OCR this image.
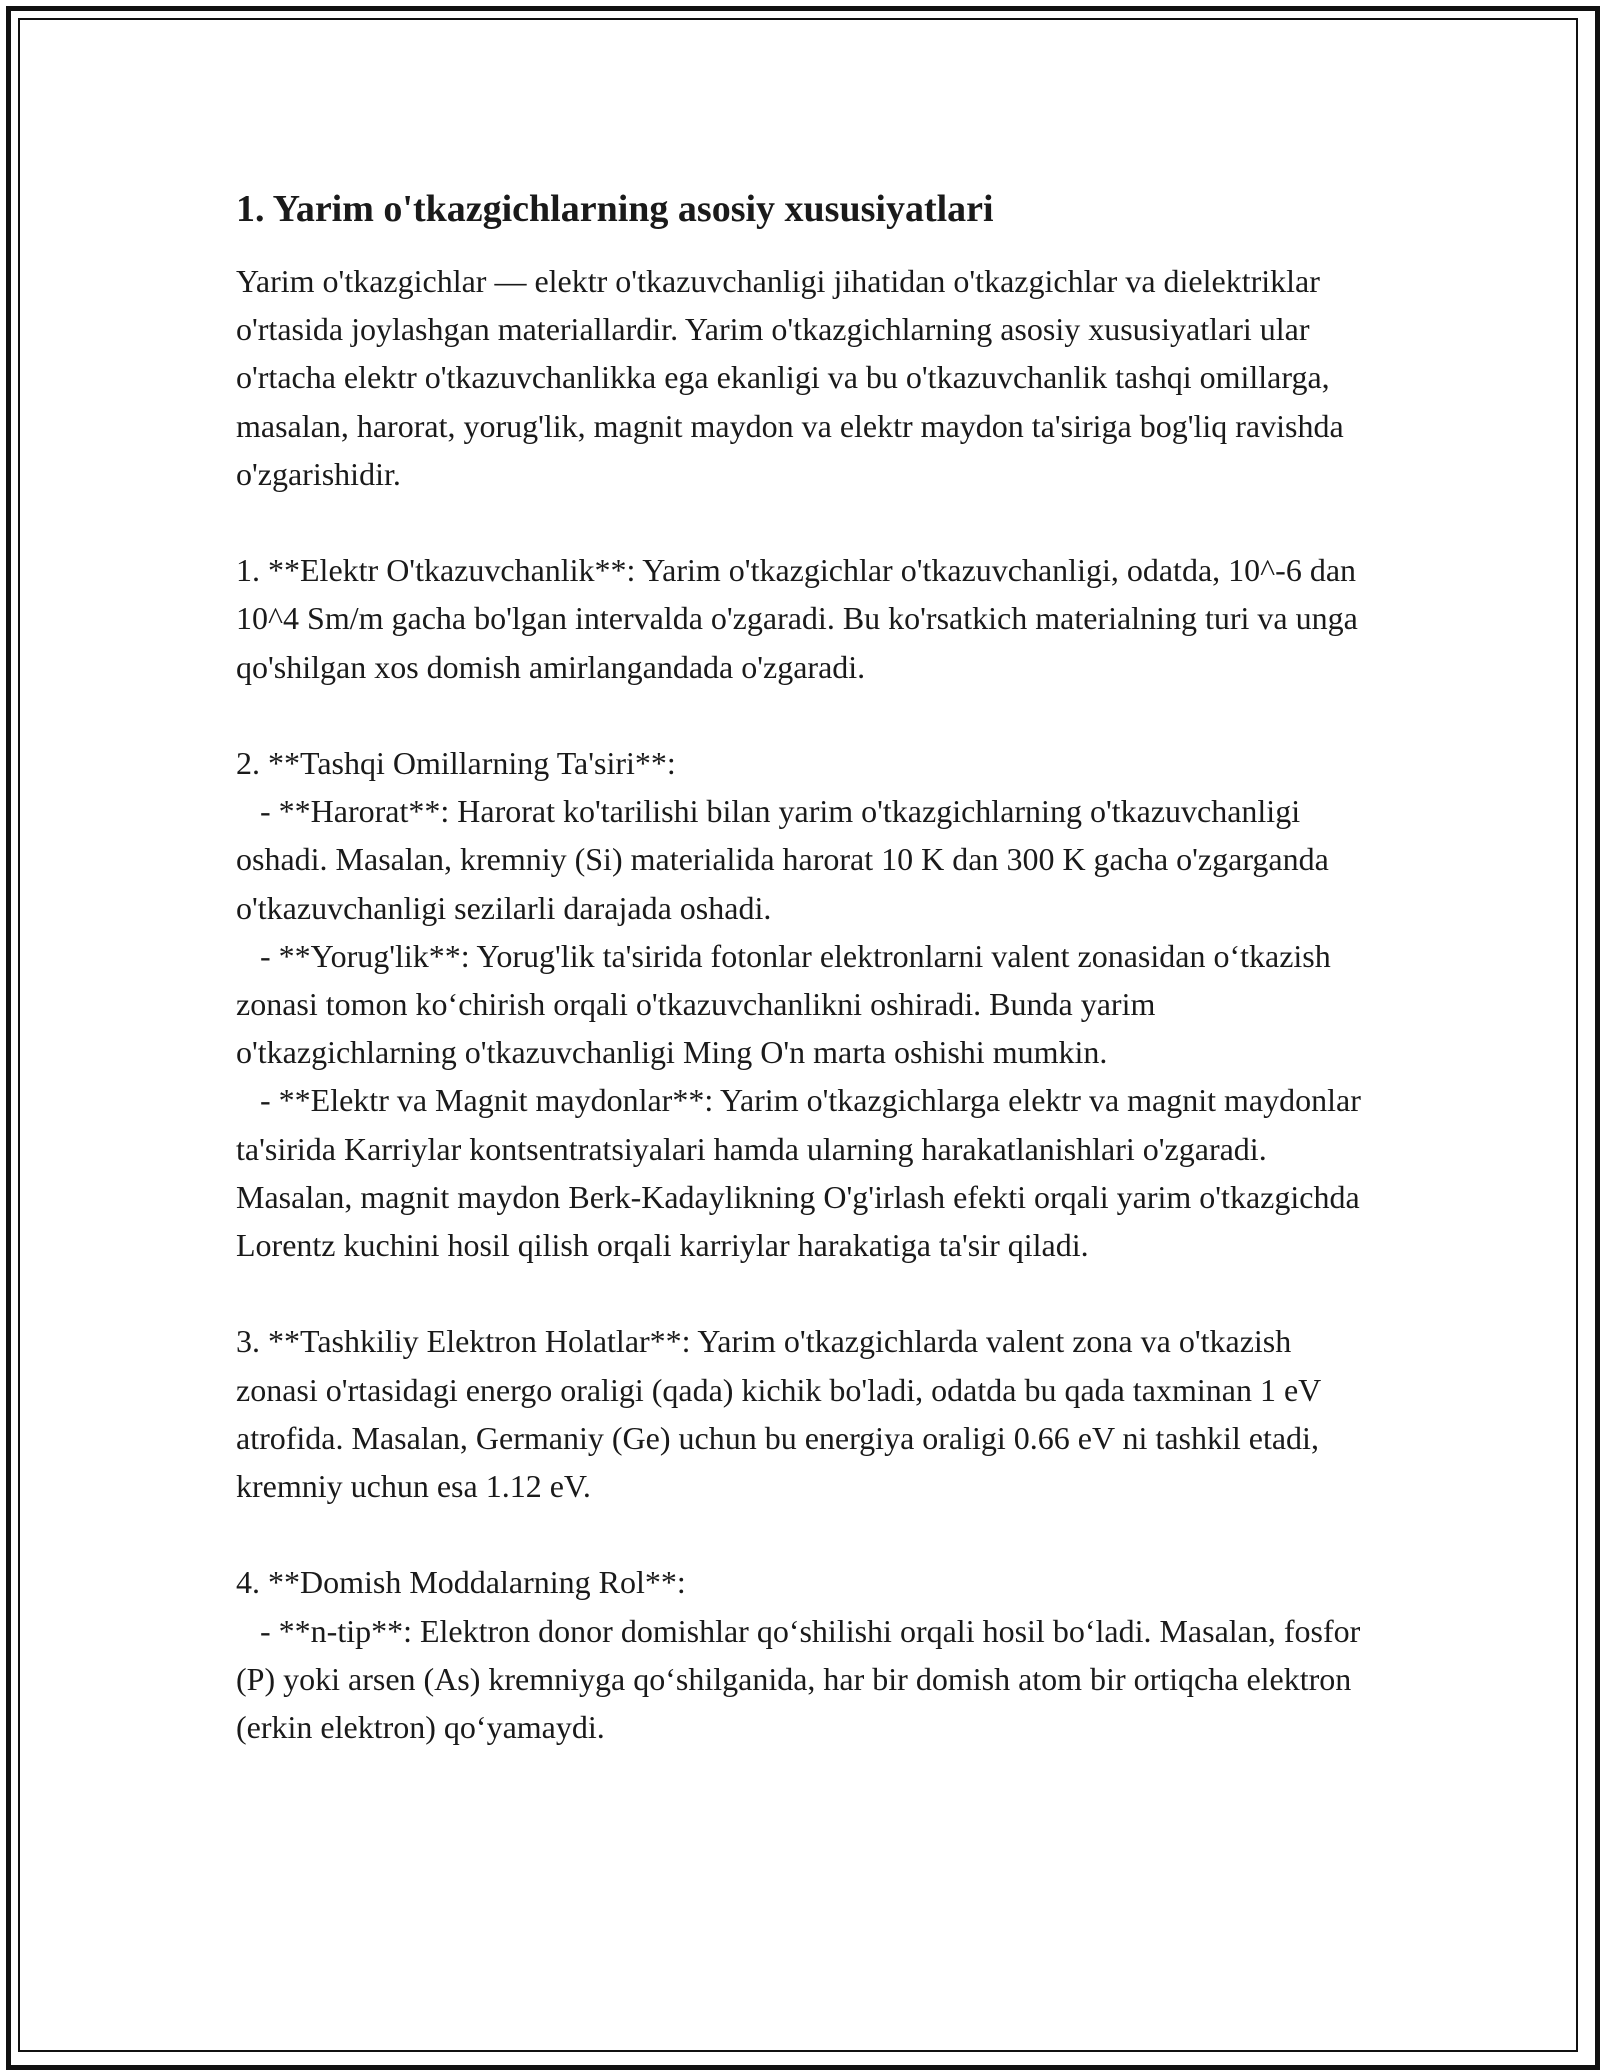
1. Yarim o'tkazgichlarning asosiy xususiyatlari

Yarim o'tkazgichlar — elektr o'tkazuvchanligi jihatidan o'tkazgichlar va dielektriklar o'rtasida joylashgan materiallardir. Yarim o'tkazgichlarning asosiy xususiyatlari ular o'rtacha elektr o'tkazuvchanlikka ega ekanligi va bu o'tkazuvchanlik tashqi omillarga, masalan, harorat, yorug'lik, magnit maydon va elektr maydon ta'siriga bog'liq ravishda o'zgarishidir.

1. **Elektr O'tkazuvchanlik**: Yarim o'tkazgichlar o'tkazuvchanligi, odatda, 10^-6 dan 10^4 Sm/m gacha bo'lgan intervalda o'zgaradi. Bu ko'rsatkich materialning turi va unga qo'shilgan xos domish amirlangandada o'zgaradi.

2. **Tashqi Omillarning Ta'siri**:

- **Harorat**: Harorat ko'tarilishi bilan yarim o'tkazgichlarning o'tkazuvchanligi oshadi. Masalan, kremniy (Si) materialida harorat 10 K dan 300 K gacha o'zgarganda o'tkazuvchanligi sezilarli darajada oshadi.

- **Yorug'lik**: Yorug'lik ta'sirida fotonlar elektronlarni valent zonasidan o‘tkazish zonasi tomon ko‘chirish orqali o'tkazuvchanlikni oshiradi. Bunda yarim o'tkazgichlarning o'tkazuvchanligi Ming O'n marta oshishi mumkin.

- **Elektr va Magnit maydonlar**: Yarim o'tkazgichlarga elektr va magnit maydonlar ta'sirida Karriylar kontsentratsiyalari hamda ularning harakatlanishlari o'zgaradi. Masalan, magnit maydon Berk-Kadaylikning O'g'irlash efekti orqali yarim o'tkazgichda Lorentz kuchini hosil qilish orqali karriylar harakatiga ta'sir qiladi.

3. **Tashkiliy Elektron Holatlar**: Yarim o'tkazgichlarda valent zona va o'tkazish zonasi o'rtasidagi energo oraligi (qada) kichik bo'ladi, odatda bu qada taxminan 1 eV atrofida. Masalan, Germaniy (Ge) uchun bu energiya oraligi 0.66 eV ni tashkil etadi, kremniy uchun esa 1.12 eV.

4. **Domish Moddalarning Rol**:

- **n-tip**: Elektron donor domishlar qo‘shilishi orqali hosil bo‘ladi. Masalan, fosfor (P) yoki arsen (As) kremniyga qo‘shilganida, har bir domish atom bir ortiqcha elektron (erkin elektron) qo‘yamaydi.
